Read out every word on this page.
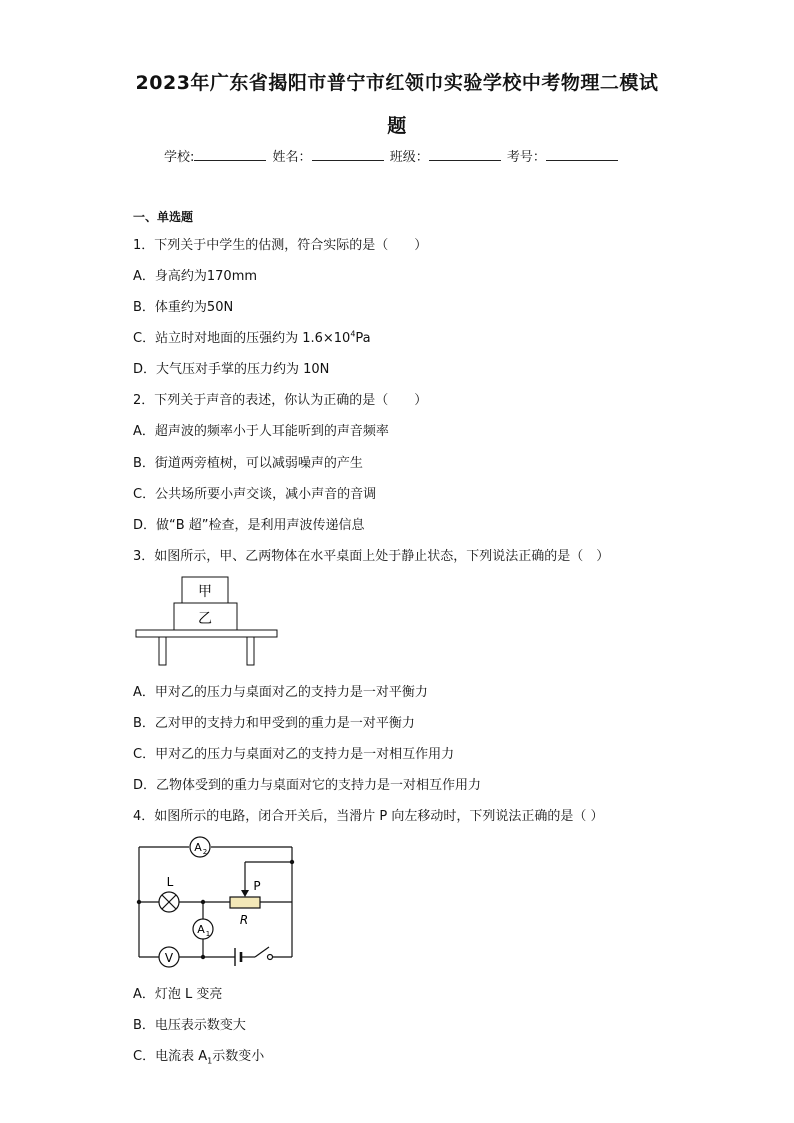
2023年广东省揭阳市普宁市红领巾实验学校中考物理二模试
题
学校:	姓名：	班级：	考号：
一、单选题
1．下列关于中学生的估测，符合实际的是（　　）
A．身高约为170mm
B．体重约为50N
C．站立时对地面的压强约为 $1.6\times 10^4Pa$
D．大气压对手掌的压力约为 10N
2．下列关于声音的表述，你认为正确的是（　　）
A．超声波的频率小于人耳能听到的声音频率
B．街道两旁植树，可以减弱噪声的产生
C．公共场所要小声交谈，减小声音的音调
D．做“B 超”检查，是利用声波传递信息
3．如图所示，甲、乙两物体在水平桌面上处于静止状态，下列说法正确的是（　）
甲
乙
A．甲对乙的压力与桌面对乙的支持力是一对平衡力
B．乙对甲的支持力和甲受到的重力是一对平衡力
C．甲对乙的压力与桌面对乙的支持力是一对相互作用力
D．乙物体受到的重力与桌面对它的支持力是一对相互作用力
4．如图所示的电路，闭合开关后，当滑片 P 向左移动时，下列说法正确的是（ ）
A 2
L	P
R
A 1
V
A．灯泡 L 变亮
B．电压表示数变大
C．电流表 $A_1$示数变小
